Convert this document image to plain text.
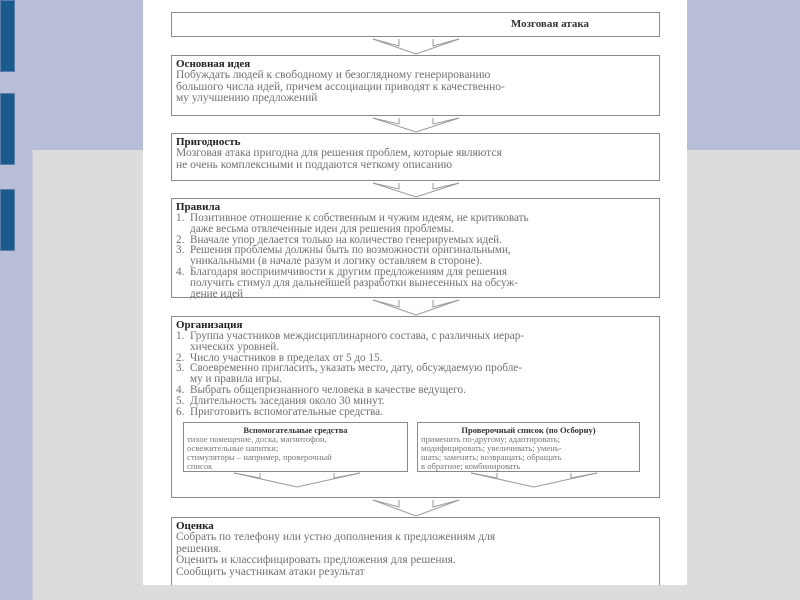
Мозговая атака
Основная идея
Побуждать людей к свободному и безоглядному генерированию
большого числа идей, причем ассоциации приводят к качественно-
му улучшению предложений
Пригодность
Мозговая атака пригодна для решения проблем, которые являются
не очень комплексными и поддаются четкому описанию
Правила
1. Позитивное отношение к собственным и чужим идеям, не критиковать
даже весьма отвлеченные идеи для решения проблемы.
2. Вначале упор делается только на количество генерируемых идей.
3. Решения проблемы должны быть по возможности оригинальными,
уникальными (в начале разум и логику оставляем в стороне).
4. Благодаря восприимчивости к другим предложениям для решения
получить стимул для дальнейшей разработки вынесенных на обсуж-
дение идей
Организация
1. Группа участников междисциплинарного состава, с различных иерар-
хических уровней.
2. Число участников в пределах от 5 до 15.
3. Своевременно пригласить, указать место, дату, обсуждаемую пробле-
му и правила игры.
4. Выбрать общепризнанного человека в качестве ведущего.
5. Длительность заседания около 30 минут.
6. Приготовить вспомогательные средства.
Вспомогательные средства
тихое помещение, доска, магнитофон,
освежительные напитки;
стимуляторы – например, проверочный
список
Проверочный список (по Осборну)
применить по-другому; адаптировать;
модифицировать; увеличивать; умень-
шать; заменять; возвращать; обращать
в обратное; комбинировать
Оценка
Собрать по телефону или устно дополнения к предложениям для
решения.
Оценить и классифицировать предложения для решения.
Сообщить участникам атаки результат
